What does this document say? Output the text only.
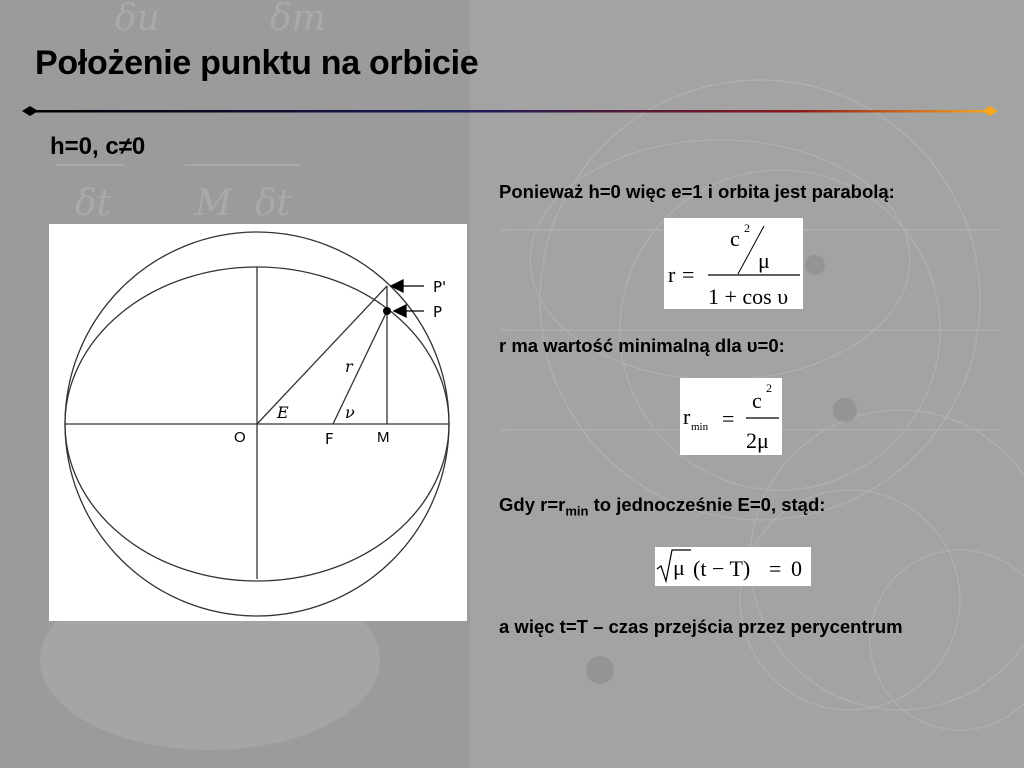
δu	δm
δt M δt
Położenie punktu na orbicie
h=0, c≠0
P'
P
r
E	ν
O	F	M
Ponieważ h=0 więc e=1 i orbita jest parabolą:
r =
c 2
μ
1 + cos υ
r ma wartość minimalną dla υ=0:
r min =
c 2
2μ
Gdy $r=r_{min}$ to jednocześnie E=0, stąd:
μ (t − T) = 0
a więc t=T – czas przejścia przez perycentrum
